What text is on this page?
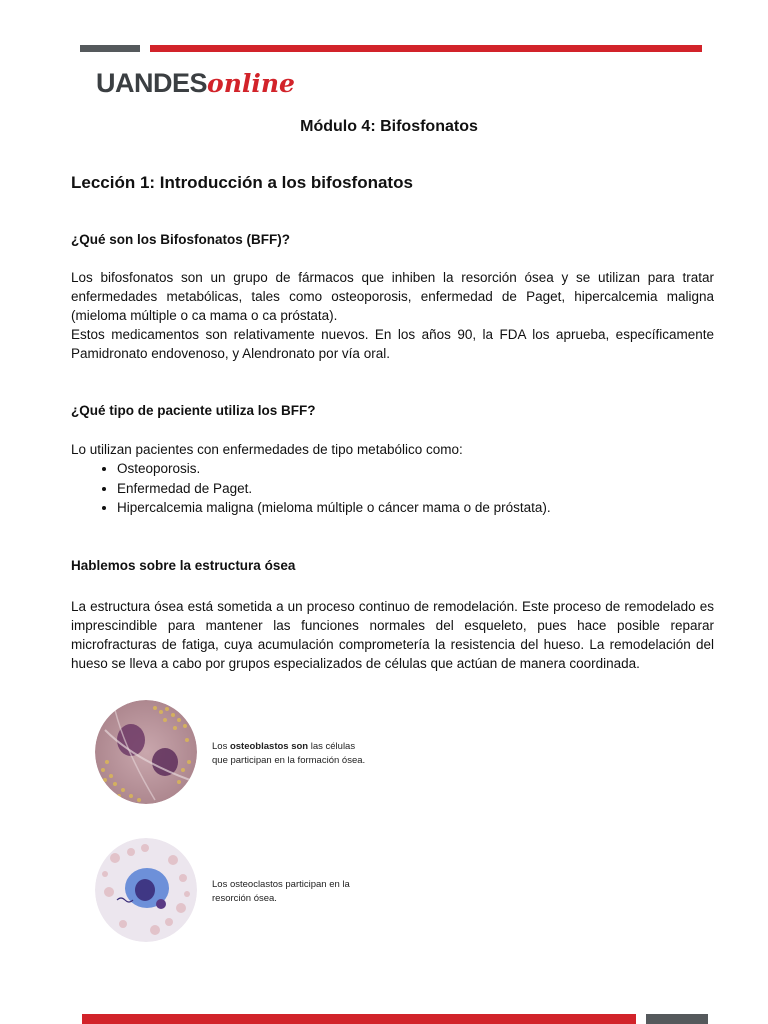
UANDESonline
Módulo 4: Bifosfonatos
Lección 1: Introducción a los bifosfonatos
¿Qué son los Bifosfonatos (BFF)?

Los bifosfonatos son un grupo de fármacos que inhiben la resorción ósea y se utilizan para tratar enfermedades metabólicas, tales como osteoporosis, enfermedad de Paget, hipercalcemia maligna (mieloma múltiple o ca mama o ca próstata).

Estos medicamentos son relativamente nuevos. En los años 90, la FDA los aprueba, específicamente Pamidronato endovenoso, y Alendronato por vía oral.

¿Qué tipo de paciente utiliza los BFF?

Lo utilizan pacientes con enfermedades de tipo metabólico como:

• Osteoporosis.
• Enfermedad de Paget.
• Hipercalcemia maligna (mieloma múltiple o cáncer mama o de próstata).
Hablemos sobre la estructura ósea

La estructura ósea está sometida a un proceso continuo de remodelación. Este proceso de remodelado es imprescindible para mantener las funciones normales del esqueleto, pues hace posible reparar microfracturas de fatiga, cuya acumulación comprometería la resistencia del hueso. La remodelación del hueso se lleva a cabo por grupos especializados de células que actúan de manera coordinada.

Los osteoblastos son las células
que participan en la formación ósea.
Los osteoclastos participan en la
resorción ósea.
